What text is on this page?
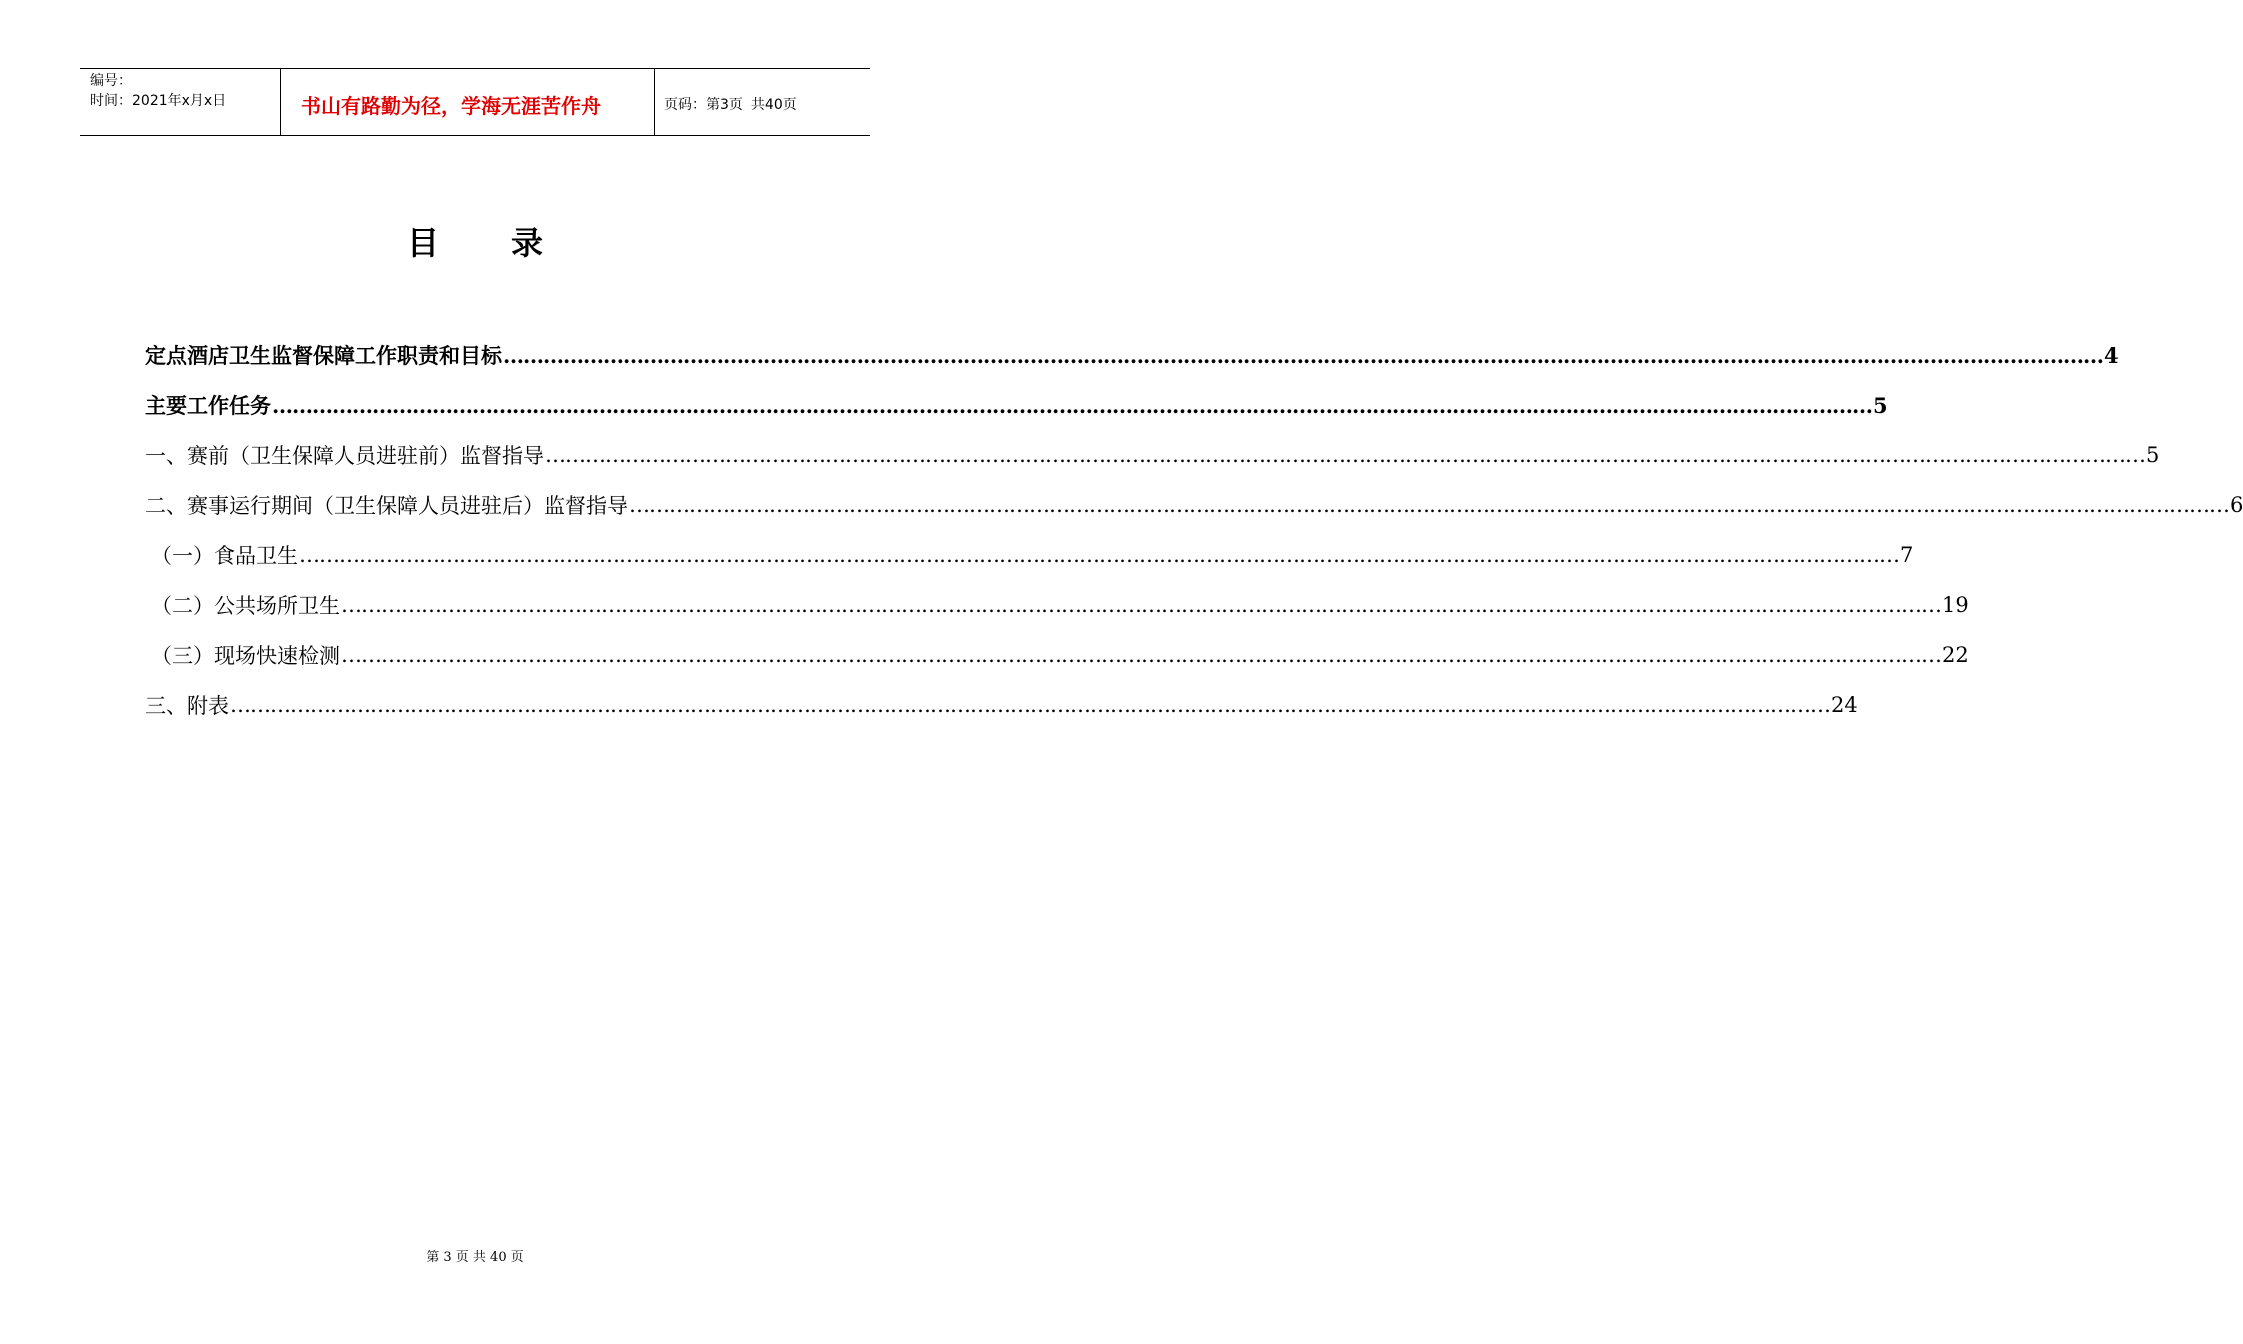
编号：
时间：2021年x月x日	书山有路勤为径，学海无涯苦作舟	页码：第3页 共40页
目 录
定点酒店卫生监督保障工作职责和目标 …………………………………………………………………………………………………………………………………………………………………………………………………………………… 4
主要工作任务 …………………………………………………………………………………………………………………………………………………………………………………………………………………… 5
一、赛前（卫生保障人员进驻前）监督指导 …………………………………………………………………………………………………………………………………………………………………………………………………………………… 5
二、赛事运行期间（卫生保障人员进驻后）监督指导 …………………………………………………………………………………………………………………………………………………………………………………………………………………… 6
（一）食品卫生 …………………………………………………………………………………………………………………………………………………………………………………………………………………… 7
（二）公共场所卫生 …………………………………………………………………………………………………………………………………………………………………………………………………………………… 19
（三）现场快速检测 …………………………………………………………………………………………………………………………………………………………………………………………………………………… 22
三、附表 …………………………………………………………………………………………………………………………………………………………………………………………………………………… 24
第 3 页 共 40 页
